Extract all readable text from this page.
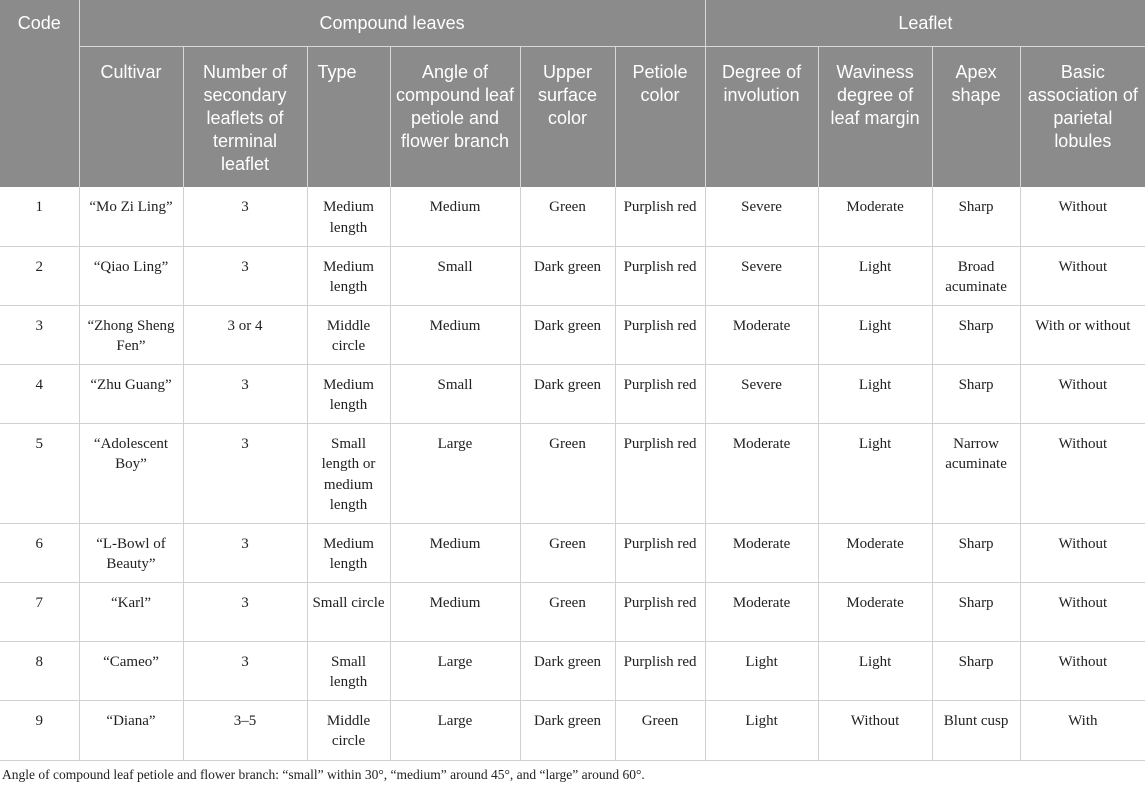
Code	Compound leaves						Leaflet			
	Cultivar	Number of secondary leaflets of terminal leaflet	Type	Angle of compound leaf petiole and flower branch	Upper surface color	Petiole color	Degree of involution	Waviness degree of leaf margin	Apex shape	Basic association of parietal lobules
1	“Mo Zi Ling”	3	Medium length	Medium	Green	Purplish red	Severe	Moderate	Sharp	Without
2	“Qiao Ling”	3	Medium length	Small	Dark green	Purplish red	Severe	Light	Broad acuminate	Without
3	“Zhong Sheng Fen”	3 or 4	Middle circle	Medium	Dark green	Purplish red	Moderate	Light	Sharp	With or without
4	“Zhu Guang”	3	Medium length	Small	Dark green	Purplish red	Severe	Light	Sharp	Without
5	“Adolescent Boy”	3	Small length or medium length	Large	Green	Purplish red	Moderate	Light	Narrow acuminate	Without
6	“L-Bowl of Beauty”	3	Medium length	Medium	Green	Purplish red	Moderate	Moderate	Sharp	Without
7	“Karl”	3	Small circle	Medium	Green	Purplish red	Moderate	Moderate	Sharp	Without
8	“Cameo”	3	Small length	Large	Dark green	Purplish red	Light	Light	Sharp	Without
9	“Diana”	3–5	Middle circle	Large	Dark green	Green	Light	Without	Blunt cusp	With
Angle of compound leaf petiole and flower branch: “small” within 30°, “medium” around 45°, and “large” around 60°.
